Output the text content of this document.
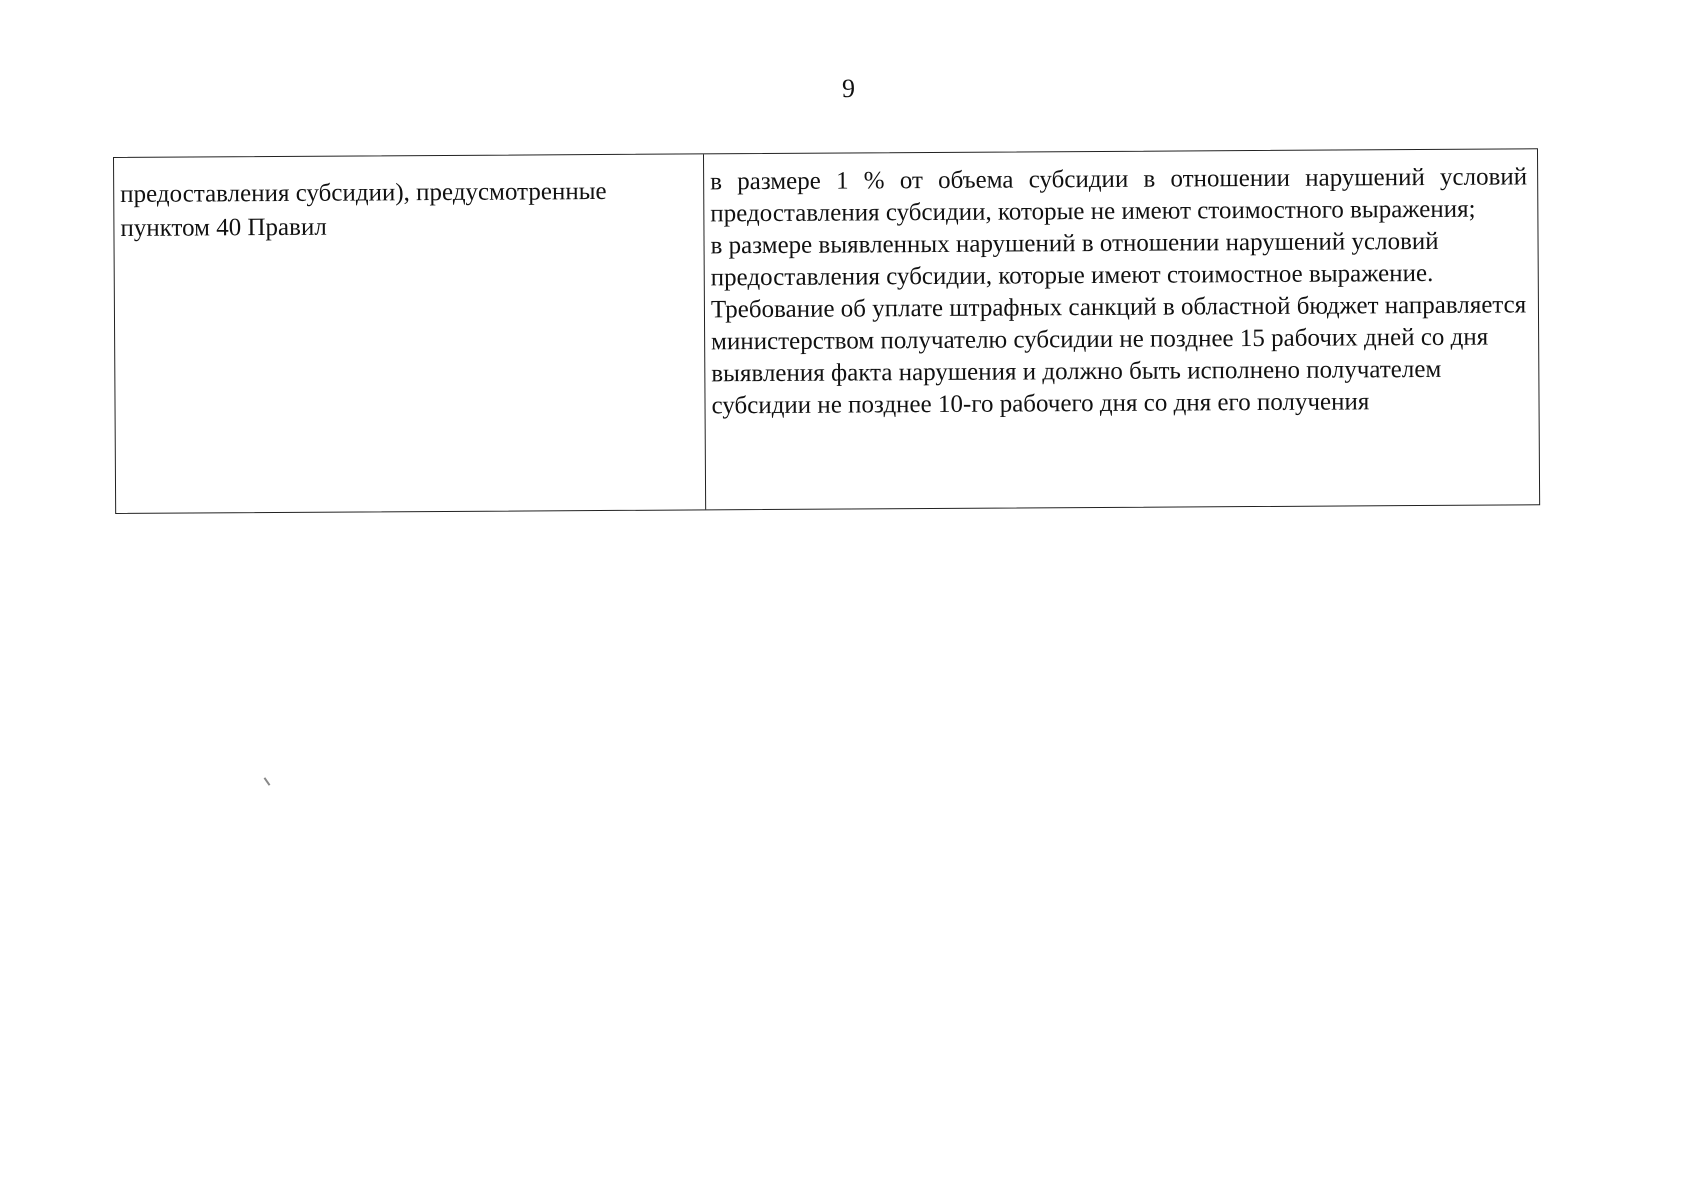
9
предоставления субсидии), предусмотренные пунктом 40 Правил
в размере 1 % от объема субсидии в отношении нарушений условий предоставления субсидии, которые не имеют стоимостного выражения;
в размере выявленных нарушений в отношении нарушений условий предоставления субсидии, которые имеют стоимостное выражение.
Требование об уплате штрафных санкций в областной бюджет направляется министерством получателю субсидии не позднее 15 рабочих дней со дня выявления факта нарушения и должно быть исполнено получателем субсидии не позднее 10-го рабочего дня со дня его получения
